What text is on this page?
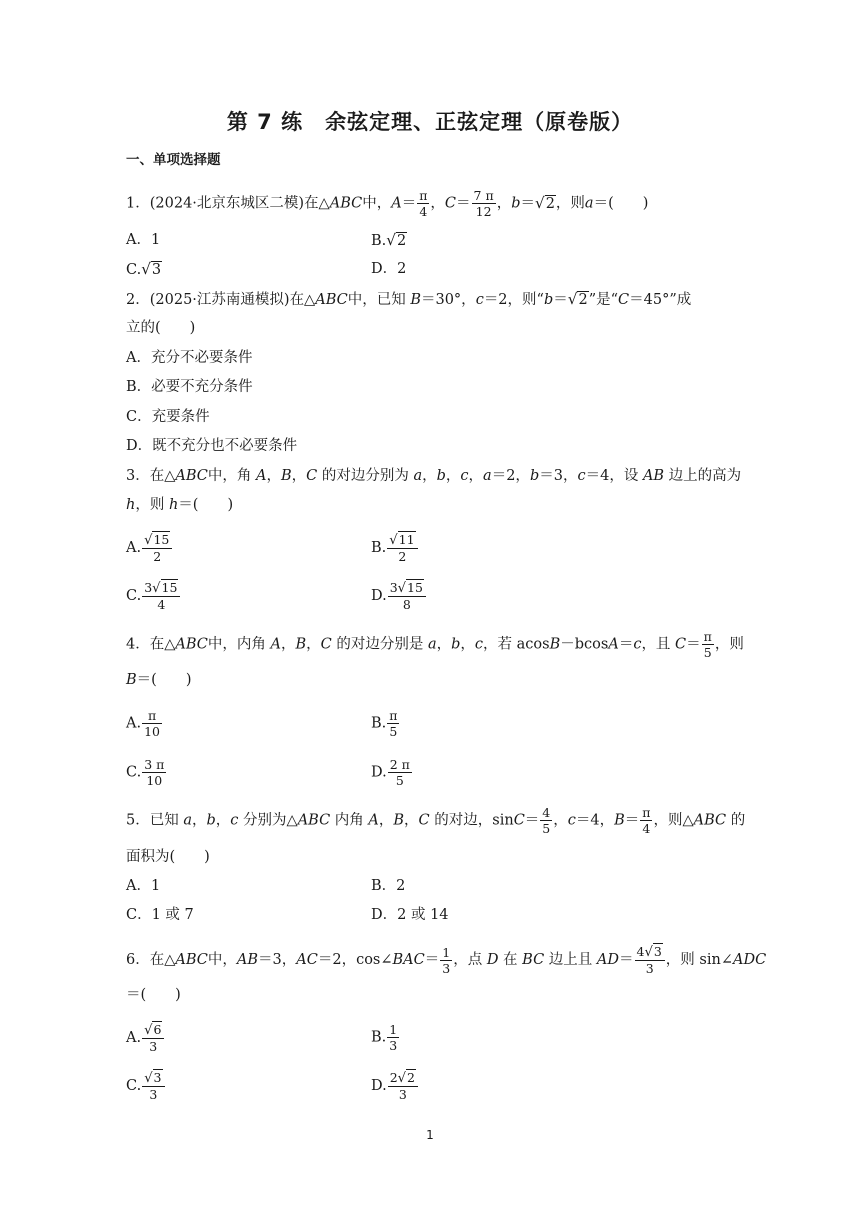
第 7 练　余弦定理、正弦定理（原卷版）
一、单项选择题
1．(2024·北京东城区二模)在△ABC中，$A= \frac{\pi}{4}$ ，$C= \frac{7 \pi}{12}$ ，b＝√2，则a＝(　　)
A．1	B.√2
C.√3	D．2
2．(2025·江苏南通模拟)在△ABC中，已知 B＝30°，c＝2，则“b＝√2”是“C＝45°”成
立的(　　)
A．充分不必要条件
B．必要不充分条件
C．充要条件
D．既不充分也不必要条件
3．在△ABC中，角 A，B，C 的对边分别为 a，b，c，a＝2，b＝3，c＝4，设 AB 边上的高为
h，则 h＝(　　)
A. $\frac{√15}{2}$	B. $\frac{√11}{2}$
C. $\frac{3√15}{4}$	D. $\frac{3√15}{8}$
4．在△ABC中，内角 A，B，C 的对边分别是 a，b，c，若 acosB－bcosA＝c，且 $C= \frac{\pi}{5}$ ，则
B＝(　　)
A. $\frac{\pi}{10}$	B. $\frac{\pi}{5}$
C. $\frac{3 \pi}{10}$	D. $\frac{2 \pi}{5}$
5．已知 a，b，c 分别为△ABC 内角 A，B，C 的对边，$\sin C= \frac{4}{5}$ ，c＝4，$B= \frac{\pi}{4}$ ，则△ABC 的
面积为(　　)
A．1	B．2
C．1 或 7	D．2 或 14
6．在△ABC中，AB＝3，AC＝2，cos∠BAC＝ $\frac{1}{3}$ ，点 D 在 BC 边上且 $AD= \frac{4√3}{3}$ ，则 sin∠ADC
＝(　　)
A. $\frac{√6}{3}$	B. $\frac{1}{3}$
C. $\frac{√3}{3}$	D. $\frac{2√2}{3}$
1
